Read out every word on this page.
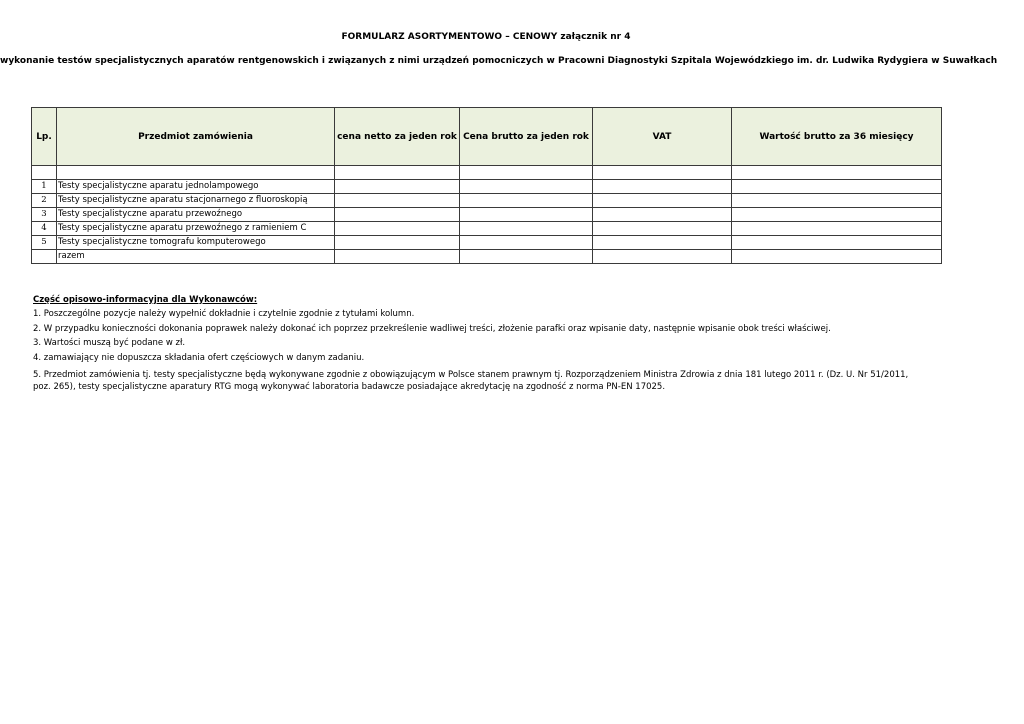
FORMULARZ ASORTYMENTOWO – CENOWY załącznik nr 4
wykonanie testów specjalistycznych aparatów rentgenowskich i związanych z nimi urządzeń pomocniczych w Pracowni Diagnostyki Szpitala Wojewódzkiego im. dr. Ludwika Rydygiera w Suwałkach
Lp.	Przedmiot zamówienia	cena netto za jeden rok	Cena brutto za jeden rok	VAT	Wartość brutto za 36 miesięcy

1	Testy specjalistyczne aparatu jednolampowego				
2	Testy specjalistyczne aparatu stacjonarnego z fluoroskopią				
3	Testy specjalistyczne aparatu przewoźnego				
4	Testy specjalistyczne aparatu przewoźnego z ramieniem C				
5	Testy specjalistyczne tomografu komputerowego				
	razem				
Część opisowo-informacyjna dla Wykonawców:
1. Poszczególne pozycje należy wypełnić dokładnie i czytelnie zgodnie z tytułami kolumn.
2. W przypadku konieczności dokonania poprawek należy dokonać ich poprzez przekreślenie wadliwej treści, złożenie parafki oraz wpisanie daty, następnie wpisanie obok treści właściwej.
3. Wartości muszą być podane w zł.
4. zamawiający nie dopuszcza składania ofert częściowych w danym zadaniu.
5. Przedmiot zamówienia tj. testy specjalistyczne będą wykonywane zgodnie z obowiązującym w Polsce stanem prawnym tj. Rozporządzeniem Ministra Zdrowia z dnia 181 lutego 2011 r. (Dz. U. Nr 51/2011, poz. 265), testy specjalistyczne aparatury RTG mogą wykonywać laboratoria badawcze posiadające akredytację na zgodność z norma PN-EN 17025.
